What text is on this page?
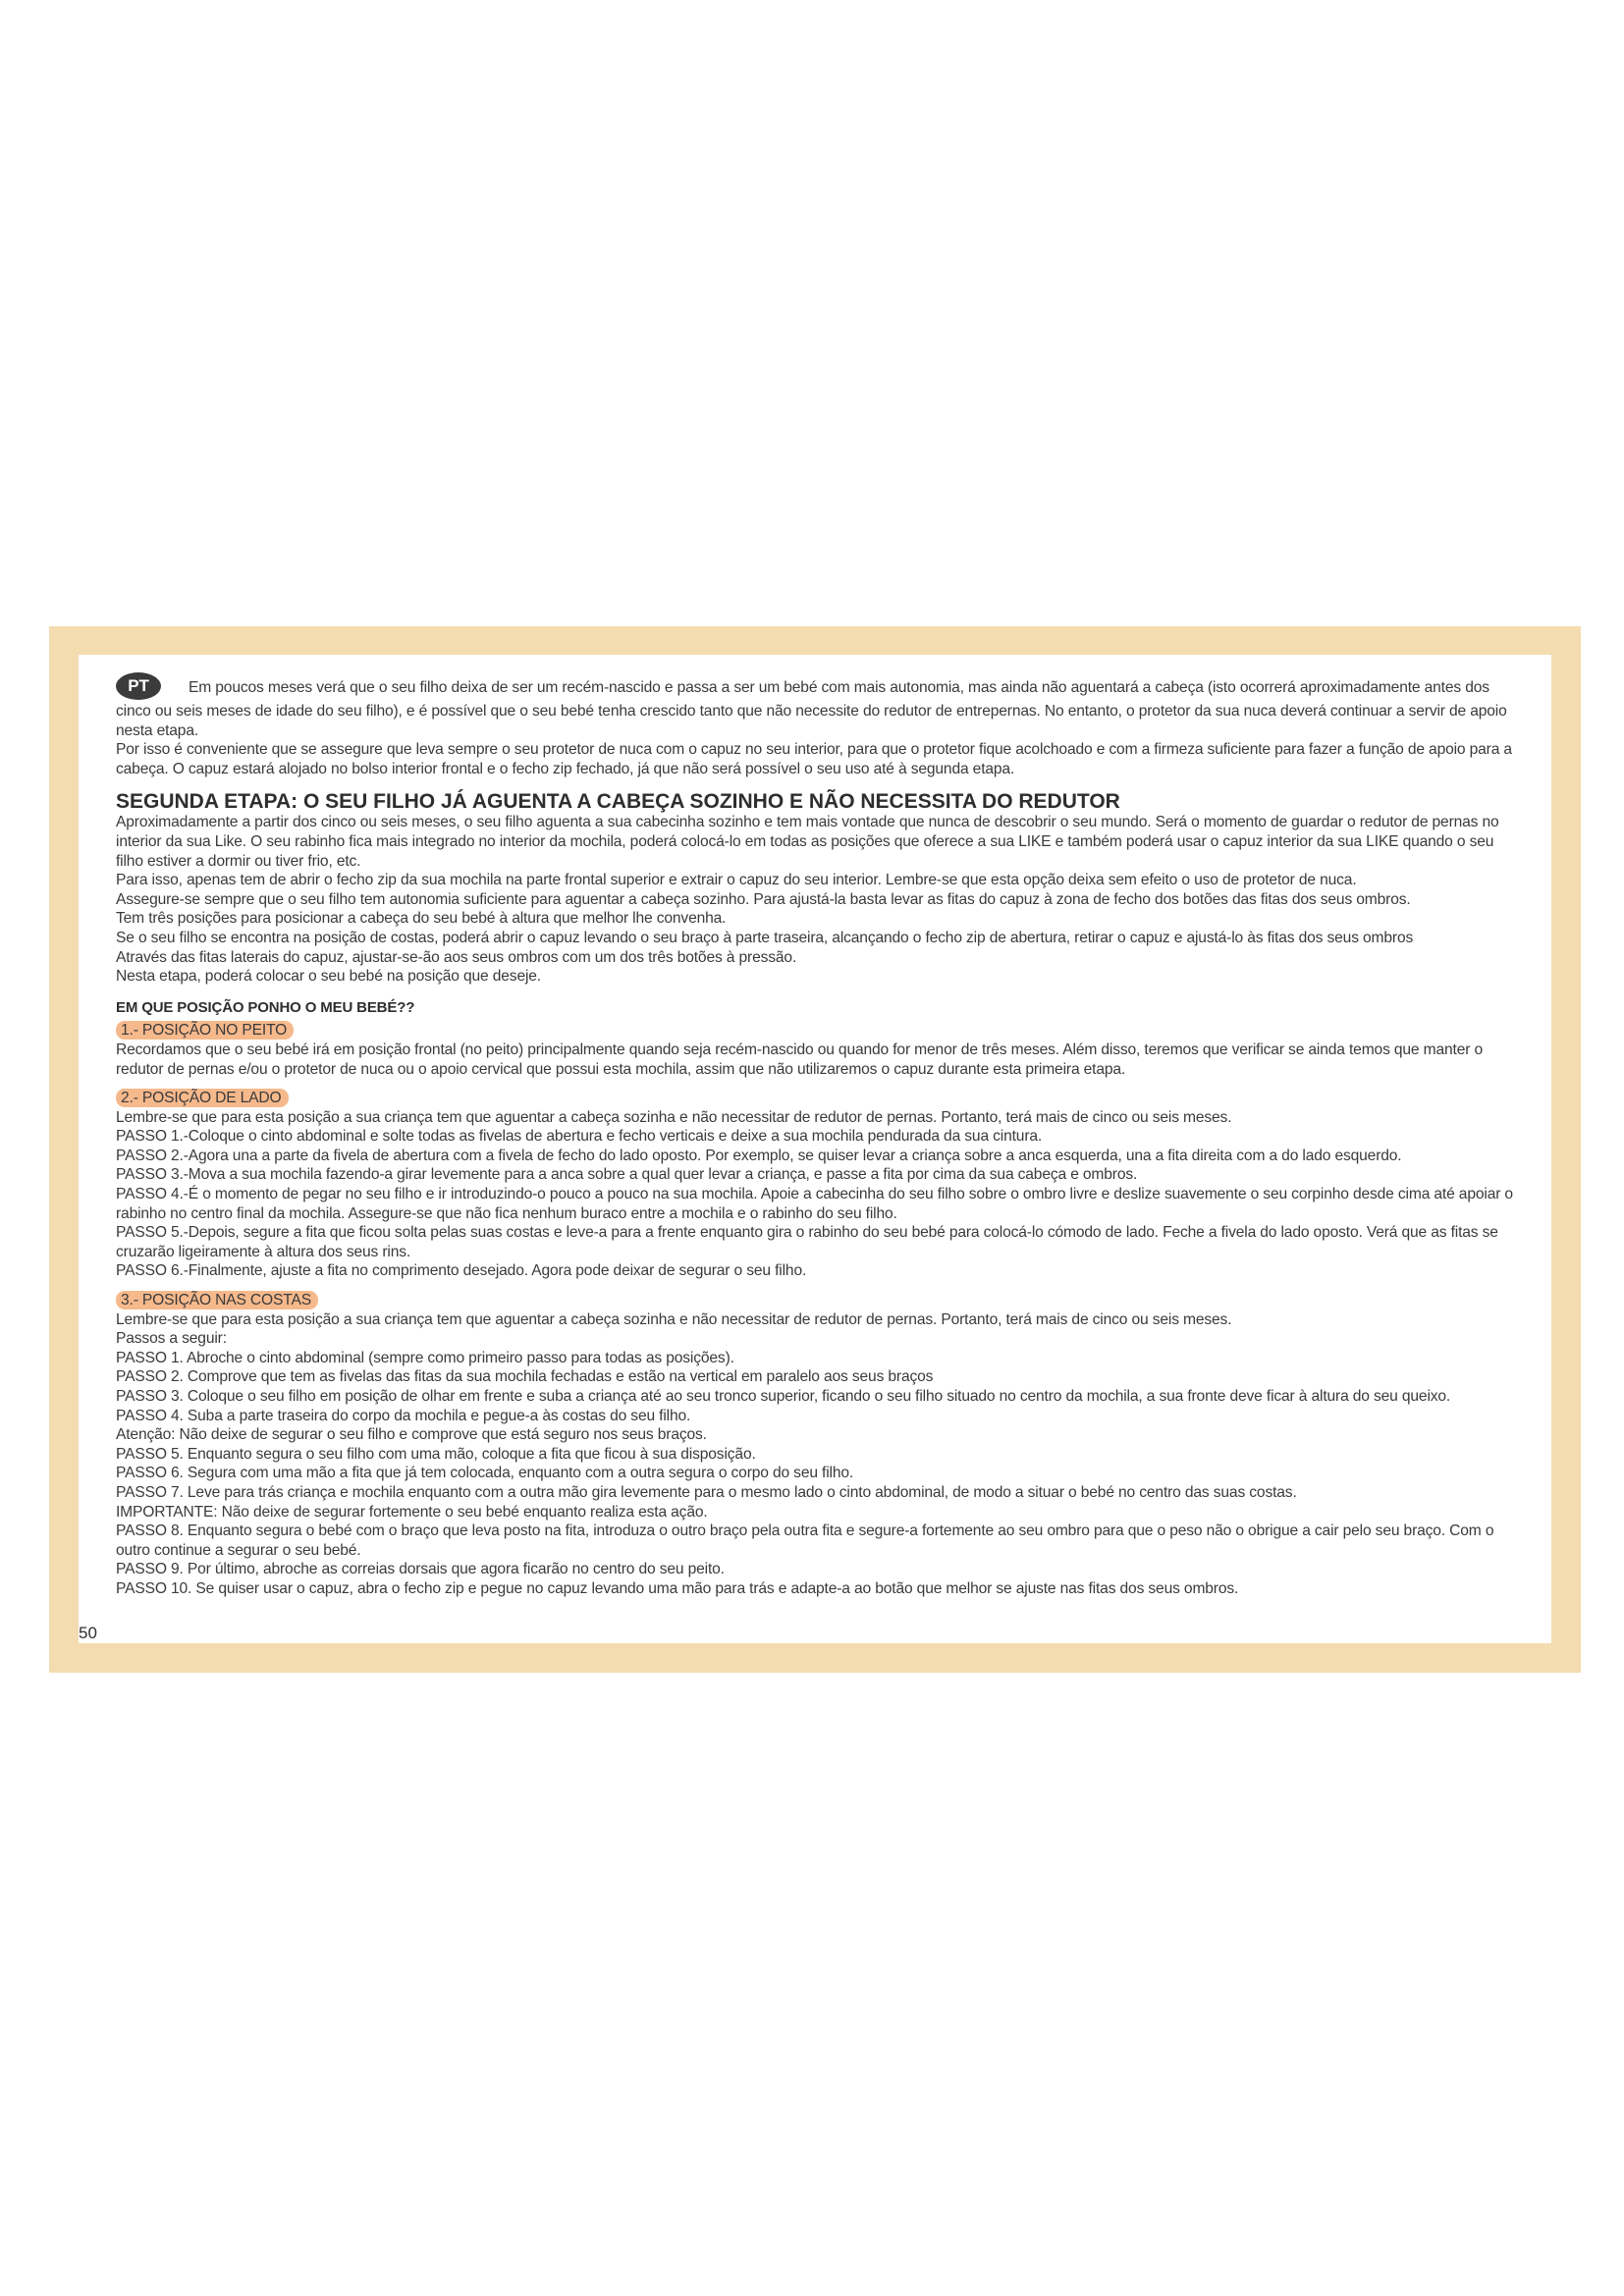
PT	Em poucos meses verá que o seu filho deixa de ser um recém-nascido e passa a ser um bebé com mais autonomia, mas ainda não aguentará a cabeça (isto ocorrerá aproximadamente antes dos cinco ou seis meses de idade do seu filho), e é possível que o seu bebé tenha crescido tanto que não necessite do redutor de entrepernas. No entanto, o protetor da sua nuca deverá continuar a servir de apoio nesta etapa.

Por isso é conveniente que se assegure que leva sempre o seu protetor de nuca com o capuz no seu interior, para que o protetor fique acolchoado e com a firmeza suficiente para fazer a função de apoio para a cabeça. O capuz estará alojado no bolso interior frontal e o fecho zip fechado, já que não será possível o seu uso até à segunda etapa.

SEGUNDA ETAPA: O SEU FILHO JÁ AGUENTA A CABEÇA SOZINHO E NÃO NECESSITA DO REDUTOR

Aproximadamente a partir dos cinco ou seis meses, o seu filho aguenta a sua cabecinha sozinho e tem mais vontade que nunca de descobrir o seu mundo. Será o momento de guardar o redutor de pernas no interior da sua Like. O seu rabinho fica mais integrado no interior da mochila, poderá colocá-lo em todas as posições que oferece a sua LIKE e também poderá usar o capuz interior da sua LIKE quando o seu filho estiver a dormir ou tiver frio, etc.

Para isso, apenas tem de abrir o fecho zip da sua mochila na parte frontal superior e extrair o capuz do seu interior. Lembre-se que esta opção deixa sem efeito o uso de protetor de nuca.

Assegure-se sempre que o seu filho tem autonomia suficiente para aguentar a cabeça sozinho. Para ajustá-la basta levar as fitas do capuz à zona de fecho dos botões das fitas dos seus ombros.

Tem três posições para posicionar a cabeça do seu bebé à altura que melhor lhe convenha.

Se o seu filho se encontra na posição de costas, poderá abrir o capuz levando o seu braço à parte traseira, alcançando o fecho zip de abertura, retirar o capuz e ajustá-lo às fitas dos seus ombros

Através das fitas laterais do capuz, ajustar-se-ão aos seus ombros com um dos três botões à pressão.

Nesta etapa, poderá colocar o seu bebé na posição que deseje.

EM QUE POSIÇÃO PONHO O MEU BEBÉ??

1.- POSIÇÃO NO PEITO

Recordamos que o seu bebé irá em posição frontal (no peito) principalmente quando seja recém-nascido ou quando for menor de três meses. Além disso, teremos que verificar se ainda temos que manter o redutor de pernas e/ou o protetor de nuca ou o apoio cervical que possui esta mochila, assim que não utilizaremos o capuz durante esta primeira etapa.

2.- POSIÇÃO DE LADO

Lembre-se que para esta posição a sua criança tem que aguentar a cabeça sozinha e não necessitar de redutor de pernas. Portanto, terá mais de cinco ou seis meses.

PASSO 1.-Coloque o cinto abdominal e solte todas as fivelas de abertura e fecho verticais e deixe a sua mochila pendurada da sua cintura.

PASSO 2.-Agora una a parte da fivela de abertura com a fivela de fecho do lado oposto. Por exemplo, se quiser levar a criança sobre a anca esquerda, una a fita direita com a do lado esquerdo.

PASSO 3.-Mova a sua mochila fazendo-a girar levemente para a anca sobre a qual quer levar a criança, e passe a fita por cima da sua cabeça e ombros.

PASSO 4.-É o momento de pegar no seu filho e ir introduzindo-o pouco a pouco na sua mochila. Apoie a cabecinha do seu filho sobre o ombro livre e deslize suavemente o seu corpinho desde cima até apoiar o rabinho no centro final da mochila. Assegure-se que não fica nenhum buraco entre a mochila e o rabinho do seu filho.

PASSO 5.-Depois, segure a fita que ficou solta pelas suas costas e leve-a para a frente enquanto gira o rabinho do seu bebé para colocá-lo cómodo de lado. Feche a fivela do lado oposto. Verá que as fitas se cruzarão ligeiramente à altura dos seus rins.

PASSO 6.-Finalmente, ajuste a fita no comprimento desejado. Agora pode deixar de segurar o seu filho.

3.- POSIÇÃO NAS COSTAS

Lembre-se que para esta posição a sua criança tem que aguentar a cabeça sozinha e não necessitar de redutor de pernas. Portanto, terá mais de cinco ou seis meses.

Passos a seguir:

PASSO 1. Abroche o cinto abdominal (sempre como primeiro passo para todas as posições).

PASSO 2. Comprove que tem as fivelas das fitas da sua mochila fechadas e estão na vertical em paralelo aos seus braços

PASSO 3. Coloque o seu filho em posição de olhar em frente e suba a criança até ao seu tronco superior, ficando o seu filho situado no centro da mochila, a sua fronte deve ficar à altura do seu queixo.

PASSO 4. Suba a parte traseira do corpo da mochila e pegue-a às costas do seu filho.

Atenção: Não deixe de segurar o seu filho e comprove que está seguro nos seus braços.

PASSO 5. Enquanto segura o seu filho com uma mão, coloque a fita que ficou à sua disposição.

PASSO 6. Segura com uma mão a fita que já tem colocada, enquanto com a outra segura o corpo do seu filho.

PASSO 7. Leve para trás criança e mochila enquanto com a outra mão gira levemente para o mesmo lado o cinto abdominal, de modo a situar o bebé no centro das suas costas.

IMPORTANTE: Não deixe de segurar fortemente o seu bebé enquanto realiza esta ação.

PASSO 8. Enquanto segura o bebé com o braço que leva posto na fita, introduza o outro braço pela outra fita e segure-a fortemente ao seu ombro para que o peso não o obrigue a cair pelo seu braço. Com o outro continue a segurar o seu bebé.

PASSO 9. Por último, abroche as correias dorsais que agora ficarão no centro do seu peito.

PASSO 10. Se quiser usar o capuz, abra o fecho zip e pegue no capuz levando uma mão para trás e adapte-a ao botão que melhor se ajuste nas fitas dos seus ombros.

50
